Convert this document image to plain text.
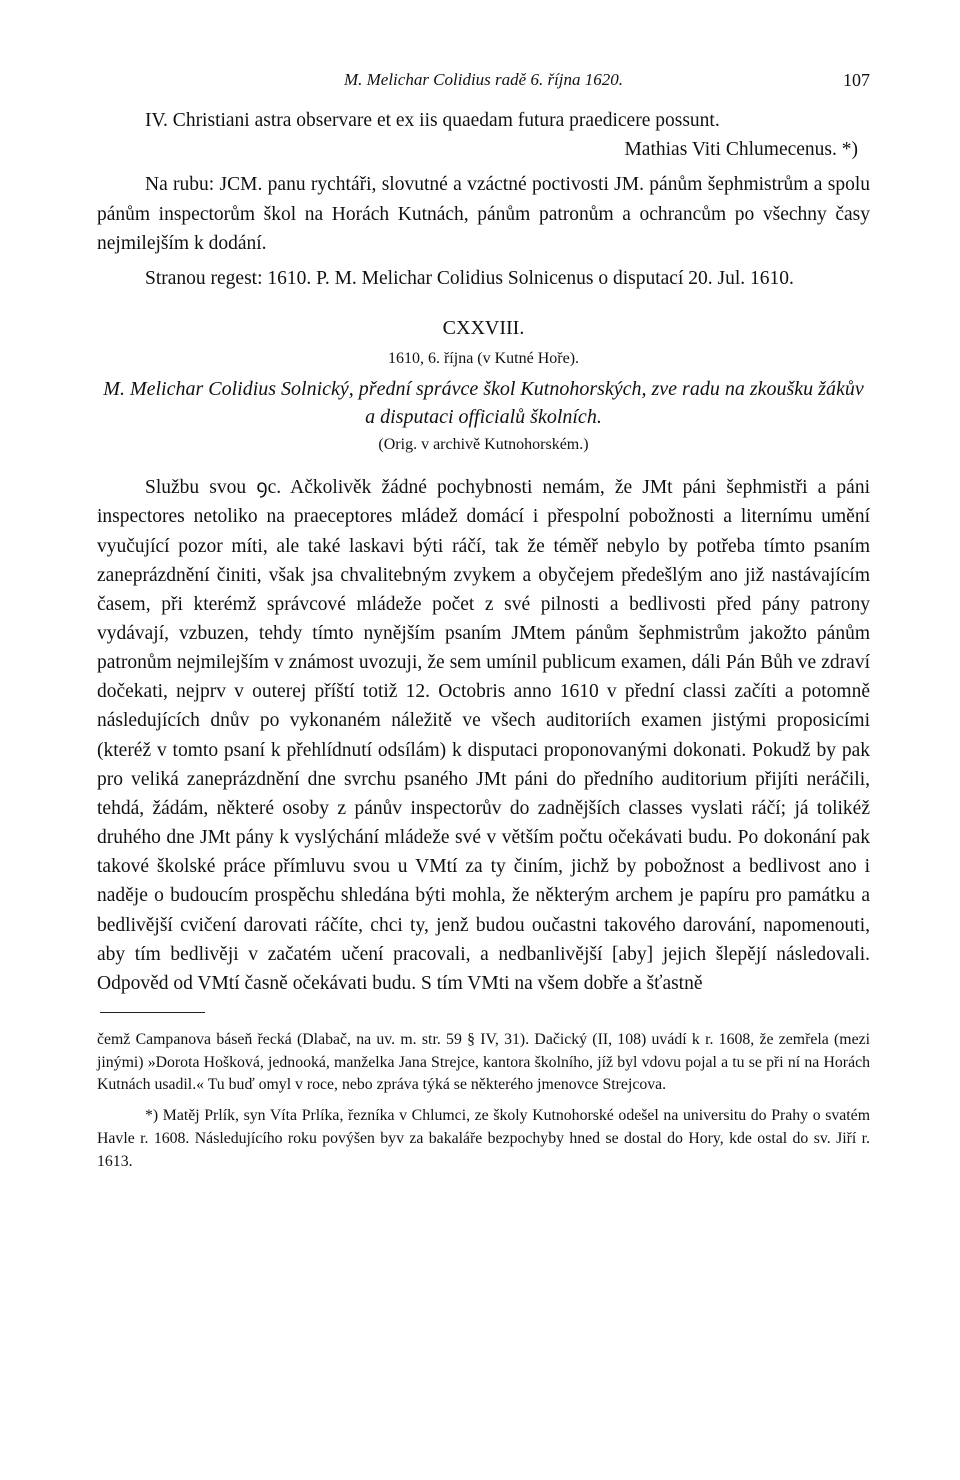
M. Melichar Colidius radě 6. října 1620.	107

IV. Christiani astra observare et ex iis quaedam futura praedicere possunt.

Mathias Viti Chlumecenus. *)

Na rubu: JCM. panu rychtáři, slovutné a vzáctné poctivosti JM. pánům šephmistrům a spolu pánům inspectorům škol na Horách Kutnách, pánům patronům a ochrancům po všechny časy nejmilejším k dodání.

Stranou regest: 1610. P. M. Melichar Colidius Solnicenus o disputací 20. Jul. 1610.

CXXVIII.
1610, 6. října (v Kutné Hoře).
M. Melichar Colidius Solnický, přední správce škol Kutnohorských, zve radu na zkoušku žákův a disputaci officialů školních.
(Orig. v archivě Kutnohorském.)

Službu svou ꝯc. Ačkolivěk žádné pochybnosti nemám, že JMt páni šephmistři a páni inspectores netoliko na praeceptores mládež domácí i přespolní pobožnosti a liternímu umění vyučující pozor míti, ale také laskavi býti ráčí, tak že téměř nebylo by potřeba tímto psaním zaneprázdnění činiti, však jsa chvalitebným zvykem a obyčejem předešlým ano již nastávajícím časem, při kterémž správcové mládeže počet z své pilnosti a bedlivosti před pány patrony vydávají, vzbuzen, tehdy tímto nynějším psaním JMtem pánům šephmistrům jakožto pánům patronům nejmilejším v známost uvozuji, že sem umínil publicum examen, dáli Pán Bůh ve zdraví dočekati, nejprv v outerej příští totiž 12. Octobris anno 1610 v přední classi začíti a potomně následujících dnův po vykonaném náležitě ve všech auditoriích examen jistými proposicími (kteréž v tomto psaní k přehlídnutí odsílám) k disputaci proponovanými dokonati. Pokudž by pak pro veliká zaneprázdnění dne svrchu psaného JMt páni do předního auditorium přijíti neráčili, tehdá, žádám, některé osoby z pánův inspectorův do zadnějších classes vyslati ráčí; já tolikéž druhého dne JMt pány k vyslýchání mládeže své v větším počtu očekávati budu. Po dokonání pak takové školské práce přímluvu svou u VMtí za ty činím, jichž by pobožnost a bedlivost ano i naděje o budoucím prospěchu shledána býti mohla, že některým archem je papíru pro památku a bedlivější cvičení darovati ráčíte, chci ty, jenž budou oučastni takového darování, napomenouti, aby tím bedlivěji v začatém učení pracovali, a nedbanlivější [aby] jejich šlepějí následovali. Odpověd od VMtí časně očekávati budu. S tím VMti na všem dobře a šťastně

čemž Campanova báseň řecká (Dlabač, na uv. m. str. 59 § IV, 31). Dačický (II, 108) uvádí k r. 1608, že zemřela (mezi jinými) »Dorota Hošková, jednooká, manželka Jana Strejce, kantora školního, jíž byl vdovu pojal a tu se při ní na Horách Kutnách usadil.« Tu buď omyl v roce, nebo zpráva týká se některého jmenovce Strejcova.

*) Matěj Prlík, syn Víta Prlíka, řezníka v Chlumci, ze školy Kutnohorské odešel na universitu do Prahy o svatém Havle r. 1608. Následujícího roku povýšen byv za bakaláře bezpochyby hned se dostal do Hory, kde ostal do sv. Jiří r. 1613.
